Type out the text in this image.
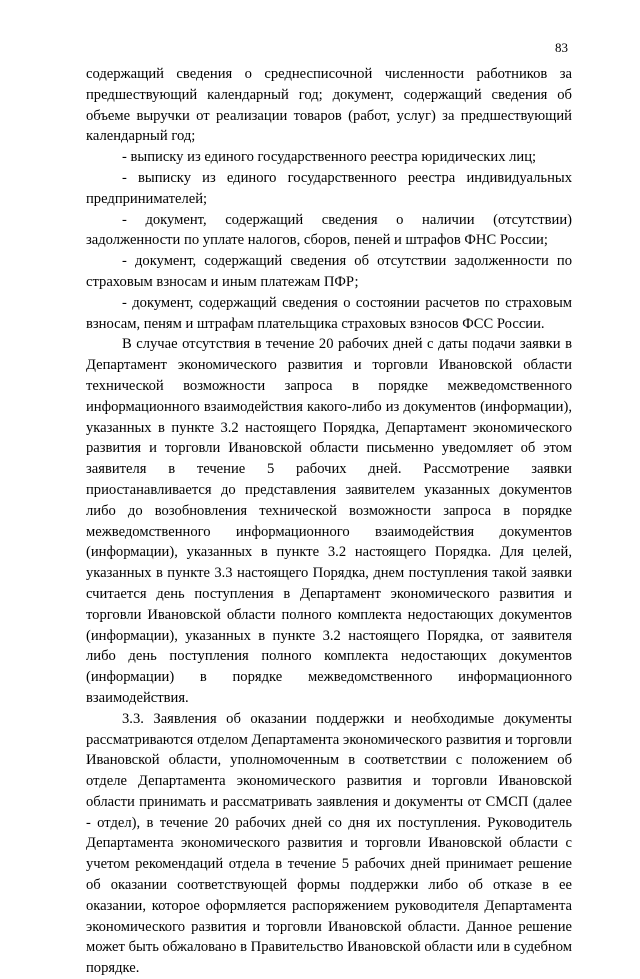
83

содержащий сведения о среднесписочной численности работников за предшествующий календарный год; документ, содержащий сведения об объеме выручки от реализации товаров (работ, услуг) за предшествующий календарный год;

- выписку из единого государственного реестра юридических лиц;

- выписку из единого государственного реестра индивидуальных предпринимателей;

- документ, содержащий сведения о наличии (отсутствии) задолженности по уплате налогов, сборов, пеней и штрафов ФНС России;

- документ, содержащий сведения об отсутствии задолженности по страховым взносам и иным платежам ПФР;

- документ, содержащий сведения о состоянии расчетов по страховым взносам, пеням и штрафам плательщика страховых взносов ФСС России.

В случае отсутствия в течение 20 рабочих дней с даты подачи заявки в Департамент экономического развития и торговли Ивановской области технической возможности запроса в порядке межведомственного информационного взаимодействия какого-либо из документов (информации), указанных в пункте 3.2 настоящего Порядка, Департамент экономического развития и торговли Ивановской области письменно уведомляет об этом заявителя в течение 5 рабочих дней. Рассмотрение заявки приостанавливается до представления заявителем указанных документов либо до возобновления технической возможности запроса в порядке межведомственного информационного взаимодействия документов (информации), указанных в пункте 3.2 настоящего Порядка. Для целей, указанных в пункте 3.3 настоящего Порядка, днем поступления такой заявки считается день поступления в Департамент экономического развития и торговли Ивановской области полного комплекта недостающих документов (информации), указанных в пункте 3.2 настоящего Порядка, от заявителя либо день поступления полного комплекта недостающих документов (информации) в порядке межведомственного информационного взаимодействия.

3.3. Заявления об оказании поддержки и необходимые документы рассматриваются отделом Департамента экономического развития и торговли Ивановской области, уполномоченным в соответствии с положением об отделе Департамента экономического развития и торговли Ивановской области принимать и рассматривать заявления и документы от СМСП (далее - отдел), в течение 20 рабочих дней со дня их поступления. Руководитель Департамента экономического развития и торговли Ивановской области с учетом рекомендаций отдела в течение 5 рабочих дней принимает решение об оказании соответствующей формы поддержки либо об отказе в ее оказании, которое оформляется распоряжением руководителя Департамента экономического развития и торговли Ивановской области. Данное решение может быть обжаловано в Правительство Ивановской области или в судебном порядке.
